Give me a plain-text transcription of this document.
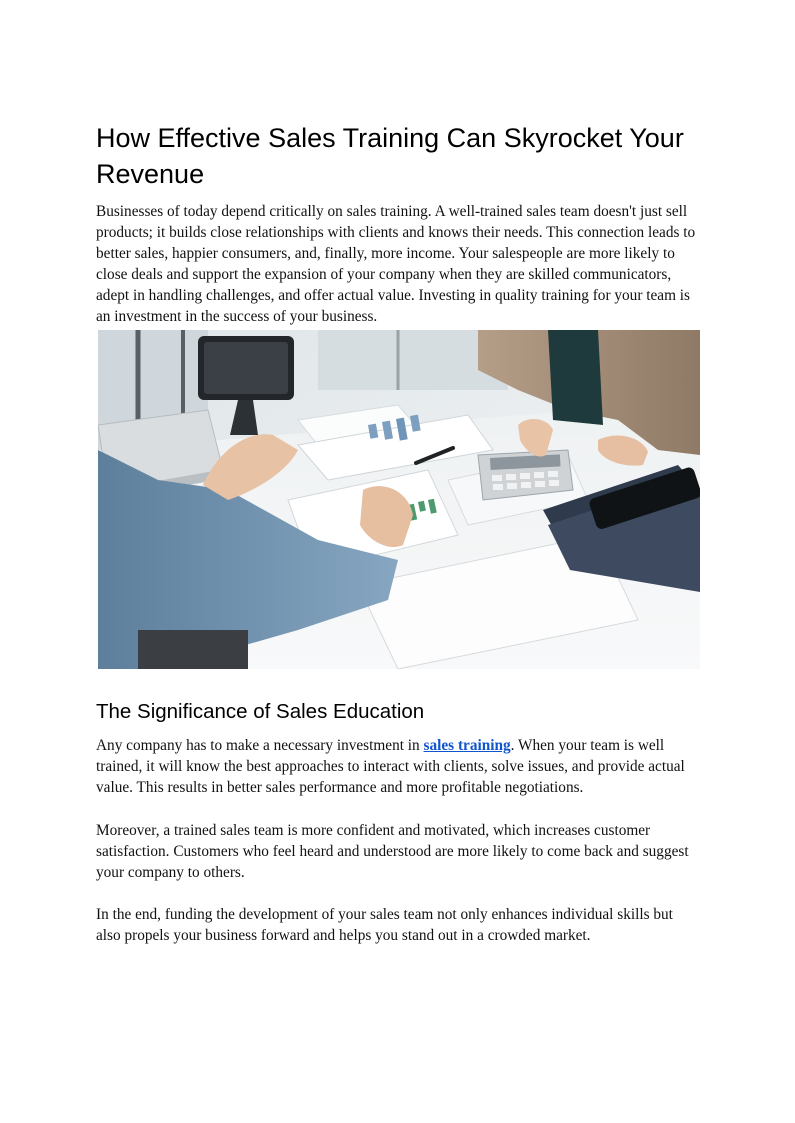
How Effective Sales Training Can Skyrocket Your Revenue

Businesses of today depend critically on sales training. A well-trained sales team doesn't just sell products; it builds close relationships with clients and knows their needs. This connection leads to better sales, happier consumers, and, finally, more income. Your salespeople are more likely to close deals and support the expansion of your company when they are skilled communicators, adept in handling challenges, and offer actual value. Investing in quality training for your team is an investment in the success of your business.

The Significance of Sales Education

Any company has to make a necessary investment in sales training. When your team is well trained, it will know the best approaches to interact with clients, solve issues, and provide actual value. This results in better sales performance and more profitable negotiations.

Moreover, a trained sales team is more confident and motivated, which increases customer satisfaction. Customers who feel heard and understood are more likely to come back and suggest your company to others.

In the end, funding the development of your sales team not only enhances individual skills but also propels your business forward and helps you stand out in a crowded market.
